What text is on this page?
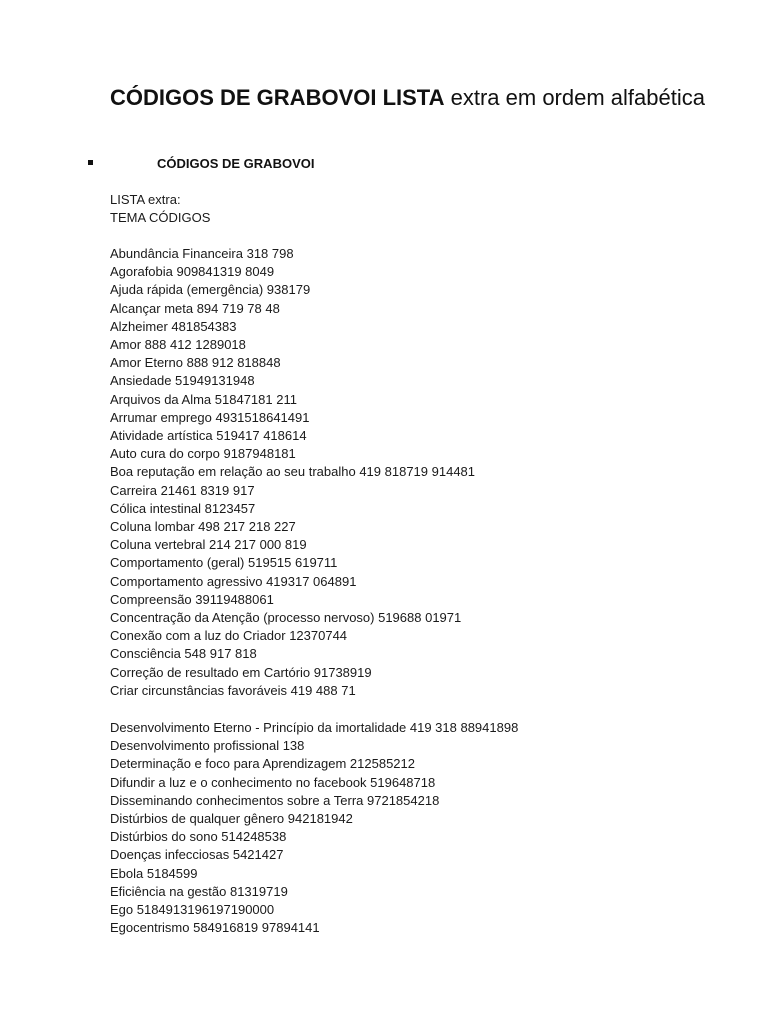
CÓDIGOS DE GRABOVOI LISTA extra em ordem alfabética
CÓDIGOS DE GRABOVOI
LISTA extra:
TEMA CÓDIGOS
Abundância Financeira 318 798
Agorafobia 909841319 8049
Ajuda rápida (emergência) 938179
Alcançar meta 894 719 78 48
Alzheimer 481854383
Amor 888 412 1289018
Amor Eterno 888 912 818848
Ansiedade 51949131948
Arquivos da Alma 51847181 211
Arrumar emprego 4931518641491
Atividade artística 519417 418614
Auto cura do corpo 9187948181
Boa reputação em relação ao seu trabalho 419 818719 914481
Carreira 21461 8319 917
Cólica intestinal 8123457
Coluna lombar 498 217 218 227
Coluna vertebral 214 217 000 819
Comportamento (geral) 519515 619711
Comportamento agressivo 419317 064891
Compreensão 39119488061
Concentração da Atenção (processo nervoso) 519688 01971
Conexão com a luz do Criador 12370744
Consciência 548 917 818
Correção de resultado em Cartório 91738919
Criar circunstâncias favoráveis 419 488 71
Desenvolvimento Eterno - Princípio da imortalidade 419 318 88941898
Desenvolvimento profissional 138
Determinação e foco para Aprendizagem 212585212
Difundir a luz e o conhecimento no facebook 519648718
Disseminando conhecimentos sobre a Terra 9721854218
Distúrbios de qualquer gênero 942181942
Distúrbios do sono 514248538
Doenças infecciosas 5421427
Ebola 5184599
Eficiência na gestão 81319719
Ego 5184913196197190000
Egocentrismo 584916819 97894141
